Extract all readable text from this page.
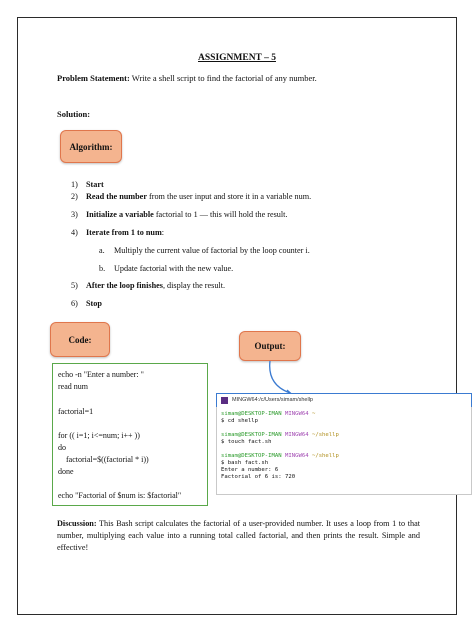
ASSIGNMENT – 5
Problem Statement: Write a shell script to find the factorial of any number.
Solution:
Algorithm:
1) Start
2) Read the number from the user input and store it in a variable num.
3) Initialize a variable factorial to 1 — this will hold the result.
4) Iterate from 1 to num:
a. Multiply the current value of factorial by the loop counter i.
b. Update factorial with the new value.
5) After the loop finishes, display the result.
6) Stop
Code:
Output:
echo -n "Enter a number: "
read num
factorial=1
for (( i=1; i<=num; i++ ))
do
factorial=$((factorial * i))
done
echo "Factorial of $num is: $factorial"
MINGW64:/c/Users/simam/shellp
simam@DESKTOP-IMAN MINGW64 ~
$ cd shellp
simam@DESKTOP-IMAN MINGW64 ~/shellp
$ touch fact.sh
simam@DESKTOP-IMAN MINGW64 ~/shellp
$ bash fact.sh
Enter a number: 6
Factorial of 6 is: 720
Discussion: This Bash script calculates the factorial of a user-provided number. It uses a loop from 1 to that number, multiplying each value into a running total called factorial, and then prints the result. Simple and effective!
